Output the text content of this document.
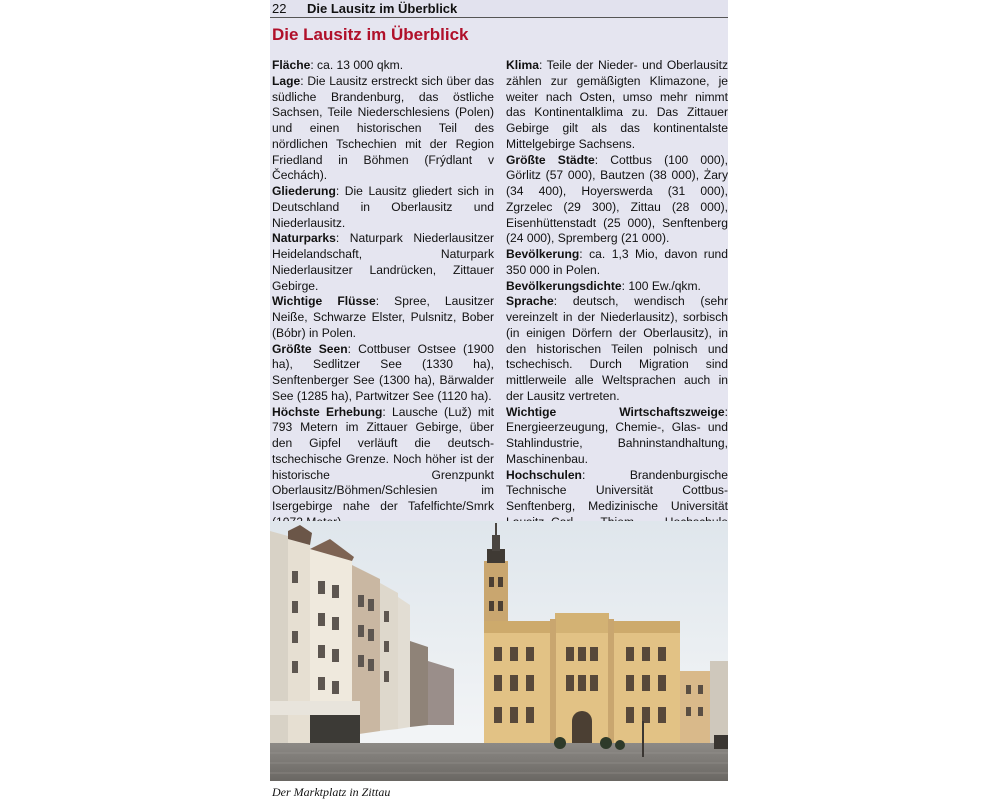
22 Die Lausitz im Überblick
Die Lausitz im Überblick

Fläche: ca. 13 000 qkm.

Lage: Die Lausitz erstreckt sich über das südliche Brandenburg, das östliche Sachsen, Teile Niederschlesiens (Polen) und einen historischen Teil des nördlichen Tschechien mit der Region Friedland in Böhmen (Frýdlant v Čechách).

Gliederung: Die Lausitz gliedert sich in Deutschland in Oberlausitz und Niederlausitz.

Naturparks: Naturpark Niederlausitzer Heidelandschaft, Naturpark Niederlausitzer Landrücken, Zittauer Gebirge.

Wichtige Flüsse: Spree, Lausitzer Neiße, Schwarze Elster, Pulsnitz, Bober (Bóbr) in Polen.

Größte Seen: Cottbuser Ostsee (1900 ha), Sedlitzer See (1330 ha), Senftenberger See (1300 ha), Bärwalder See (1285 ha), Partwitzer See (1120 ha).

Höchste Erhebung: Lausche (Luž) mit 793 Metern im Zittauer Gebirge, über den Gipfel verläuft die deutsch-tschechische Grenze. Noch höher ist der historische Grenzpunkt Oberlausitz/Böhmen/Schlesien im Isergebirge nahe der Tafelfichte/Smrk

Klima: Teile der Nieder- und Oberlausitz zählen zur gemäßigten Klimazone, je weiter nach Osten, umso mehr nimmt das Kontinentalklima zu. Das Zittauer Gebirge gilt als das kontinentalste Mittelgebirge Sachsens.

Größte Städte: Cottbus (100 000), Görlitz (57 000), Bautzen (38 000), Żary (34 400), Hoyerswerda (31 000), Zgrzelec (29 300), Zittau (28 000), Eisenhüttenstadt (25 000), Senftenberg (24 000), Spremberg (21 000).

Bevölkerung: ca. 1,3 Mio, davon rund 350 000 in Polen.

Bevölkerungsdichte: 100 Ew./qkm.

Sprache: deutsch, wendisch (sehr vereinzelt in der Niederlausitz), sorbisch (in einigen Dörfern der Oberlausitz), in den historischen Teilen polnisch und tschechisch. Durch Migration sind mittlerweile alle Weltsprachen auch in der Lausitz vertreten.

Wichtige Wirtschaftszweige: Energieerzeugung, Chemie-, Glas- und Stahlindustrie, Bahninstandhaltung, Maschinenbau.

Hochschulen: Brandenburgische Technische Universität Cottbus-Senftenberg, Medizinische Universität

Der Marktplatz in Zittau
